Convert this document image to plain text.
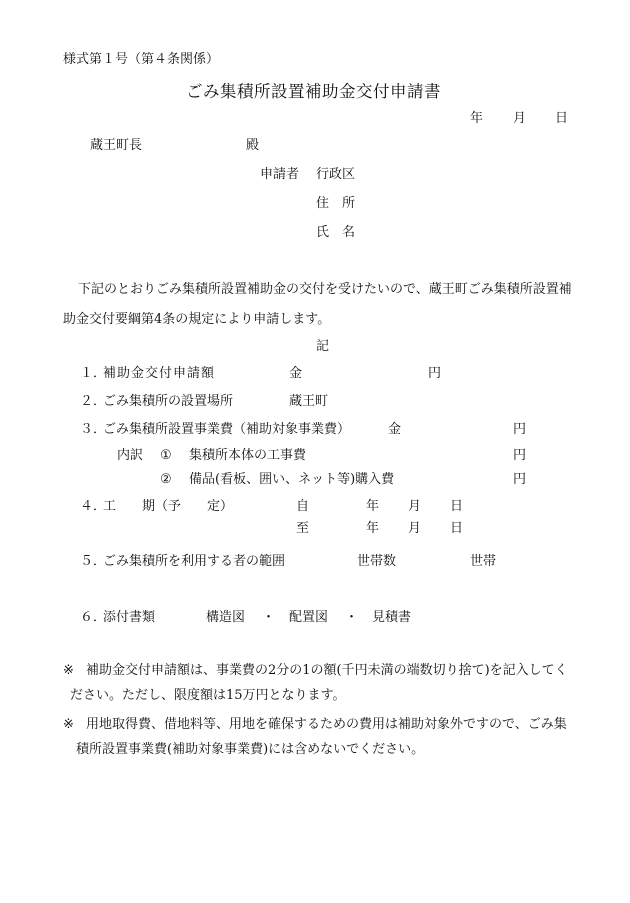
様式第１号（第４条関係）
ごみ集積所設置補助金交付申請書
年 月 日
蔵王町長	殿
申請者 行政区
住　所
氏　名
下記のとおりごみ集積所設置補助金の交付を受けたいので、蔵王町ごみ集積所設置補
助金交付要綱第4条の規定により申請します。
記
１．
補助金交付申請額	金	円
２．
ごみ集積所の設置場所	蔵王町
３．
ごみ集積所設置事業費（補助対象事業費）	金	円
内訳 ① 集積所本体の工事費	円
② 備品(看板、囲い、ネット等)購入費	円
４．
工　　期（予　　定）	自	年 月 日
至	年 月 日
５．
ごみ集積所を利用する者の範囲	世帯数	世帯
６．
添付書類	構造図 ・ 配置図 ・ 見積書
※ 補助金交付申請額は、事業費の2分の1の額(千円未満の端数切り捨て)を記入してく
ださい。ただし、限度額は15万円となります。
※ 用地取得費、借地料等、用地を確保するための費用は補助対象外ですので、ごみ集
積所設置事業費(補助対象事業費)には含めないでください。
